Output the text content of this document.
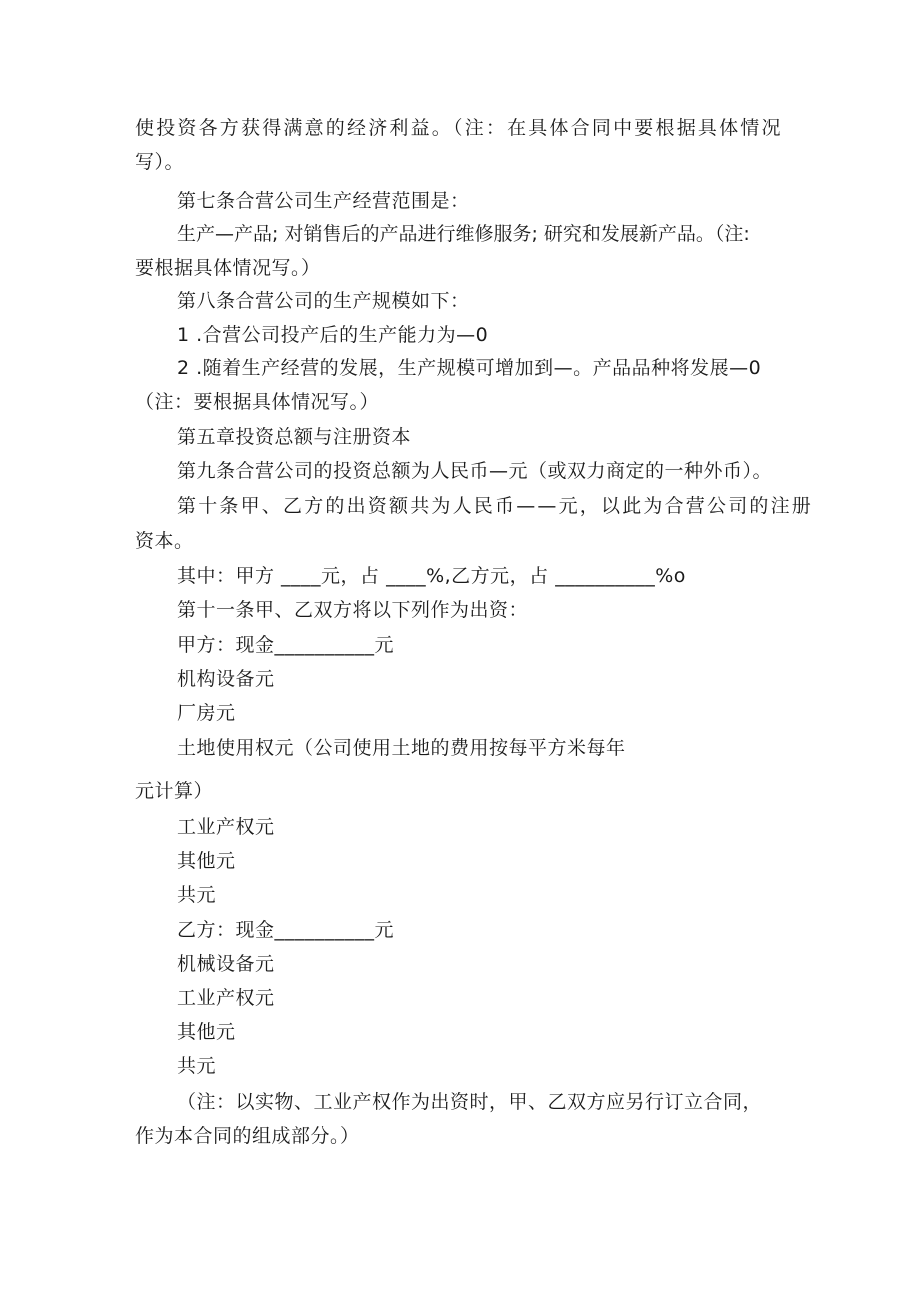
使投资各方获得满意的经济利益。（注：在具体合同中要根据具体情况
写）。
第七条合营公司生产经营范围是：
生产—产品; 对销售后的产品进行维修服务; 研究和发展新产品。（注:
要根据具体情况写。）
第八条合营公司的生产规模如下：
1 .合营公司投产后的生产能力为—0
2 .随着生产经营的发展，生产规模可增加到—。产品品种将发展—0
（注：要根据具体情况写。）
第五章投资总额与注册资本
第九条合营公司的投资总额为人民币—元（或双力商定的一种外币）。
第十条甲、乙方的出资额共为人民币——元，以此为合营公司的注册
资本。
其中：甲方 ____元，占 ____%,乙方元，占 __________%o
第十一条甲、乙双方将以下列作为出资：
甲方：现金__________元
机构设备元
厂房元
土地使用权元（公司使用土地的费用按每平方米每年
元计算）
工业产权元
其他元
共元
乙方：现金__________元
机械设备元
工业产权元
其他元
共元
（注：以实物、工业产权作为出资时，甲、乙双方应另行订立合同，
作为本合同的组成部分。）
